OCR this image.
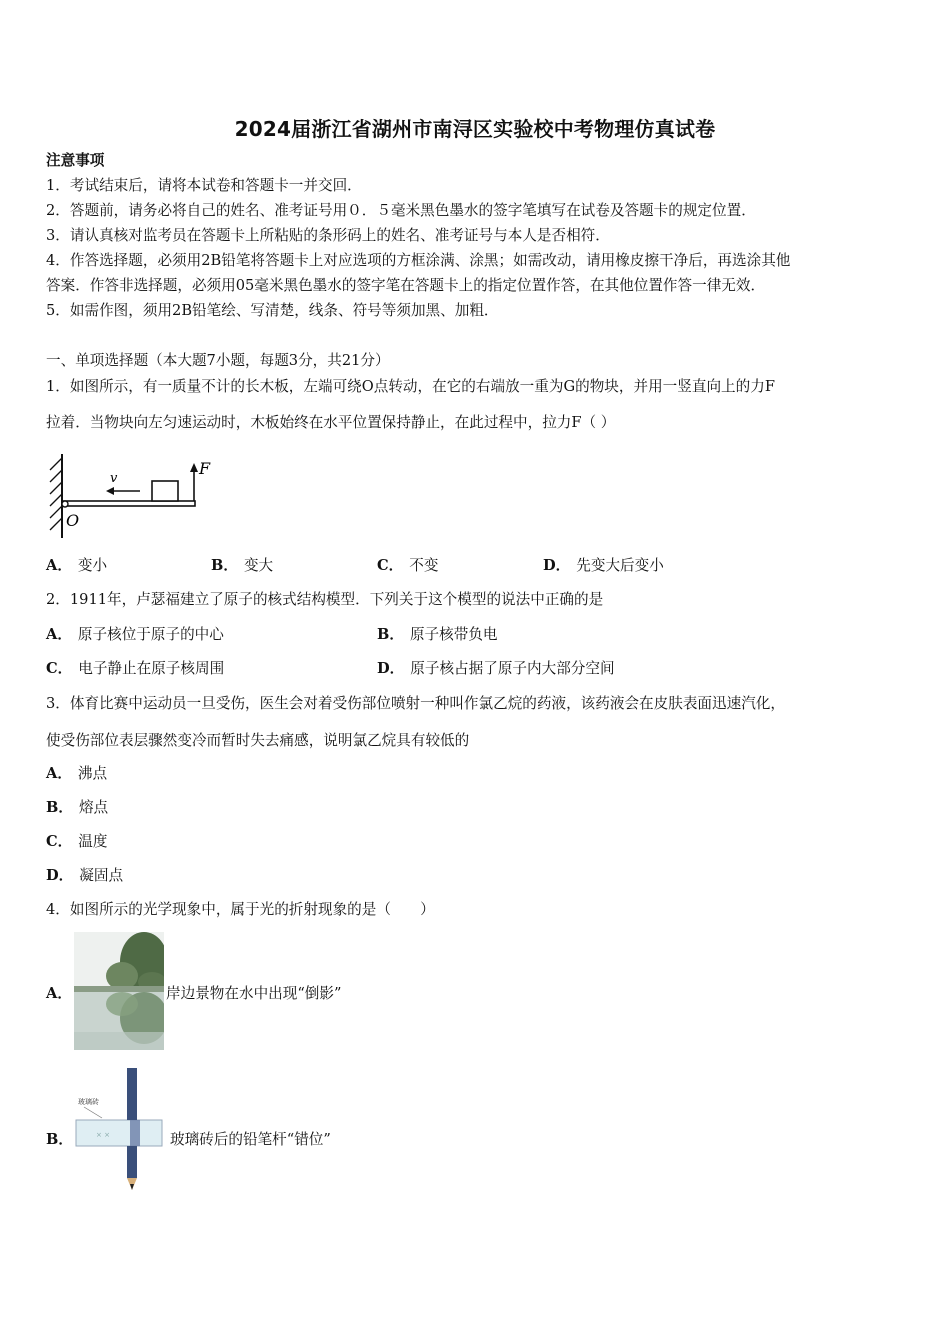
2024届浙江省湖州市南浔区实验校中考物理仿真试卷
注意事项
1．考试结束后，请将本试卷和答题卡一并交回．
2．答题前，请务必将自己的姓名、准考证号用０．５毫米黑色墨水的签字笔填写在试卷及答题卡的规定位置．
3．请认真核对监考员在答题卡上所粘贴的条形码上的姓名、准考证号与本人是否相符．
4．作答选择题，必须用2B铅笔将答题卡上对应选项的方框涂满、涂黑；如需改动，请用橡皮擦干净后，再选涂其他
答案．作答非选择题，必须用05毫米黑色墨水的签字笔在答题卡上的指定位置作答，在其他位置作答一律无效．
5．如需作图，须用2B铅笔绘、写清楚，线条、符号等须加黑、加粗．
一、单项选择题（本大题7小题，每题3分，共21分）
1．如图所示，有一质量不计的长木板，左端可绕O点转动，在它的右端放一重为G的物块，并用一竖直向上的力F
拉着．当物块向左匀速运动时，木板始终在水平位置保持静止，在此过程中，拉力F（ ）
v
F
O
A． 变小	B． 变大	C． 不变	D． 先变大后变小
2．1911年，卢瑟福建立了原子的核式结构模型．下列关于这个模型的说法中正确的是
A． 原子核位于原子的中心	B． 原子核带负电
C． 电子静止在原子核周围	D． 原子核占据了原子内大部分空间
3．体育比赛中运动员一旦受伤，医生会对着受伤部位喷射一种叫作氯乙烷的药液，该药液会在皮肤表面迅速汽化，
使受伤部位表层骤然变冷而暂时失去痛感，说明氯乙烷具有较低的
A． 沸点
B． 熔点
C． 温度
D． 凝固点
4．如图所示的光学现象中，属于光的折射现象的是（　　）
A．	岸边景物在水中出现“倒影”
B．
玻璃砖
× ×	玻璃砖后的铅笔杆“错位”
